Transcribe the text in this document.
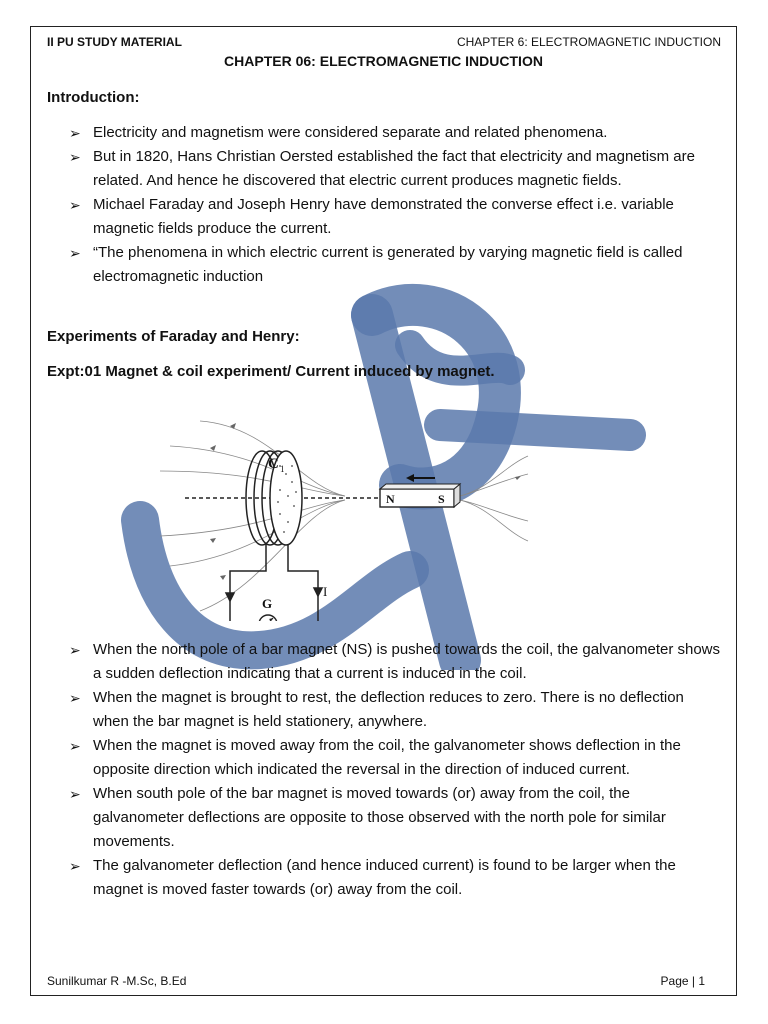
II PU STUDY MATERIAL	CHAPTER 6: ELECTROMAGNETIC INDUCTION
CHAPTER 06: ELECTROMAGNETIC INDUCTION
Introduction:
➢ Electricity and magnetism were considered separate and related phenomena.
➢ But in 1820, Hans Christian Oersted established the fact that electricity and magnetism are related. And hence he discovered that electric current produces magnetic fields.
➢ Michael Faraday and Joseph Henry have demonstrated the converse effect i.e. variable magnetic fields produce the current.
➢ “The phenomena in which electric current is generated by varying magnetic field is called electromagnetic induction
Experiments of Faraday and Henry:
Expt:01 Magnet & coil experiment/ Current induced by magnet.
C 1
N	S
G
I
➢ When the north pole of a bar magnet (NS) is pushed towards the coil, the galvanometer shows a sudden deflection indicating that a current is induced in the coil.
➢ When the magnet is brought to rest, the deflection reduces to zero. There is no deflection when the bar magnet is held stationery, anywhere.
➢ When the magnet is moved away from the coil, the galvanometer shows deflection in the opposite direction which indicated the reversal in the direction of induced current.
➢ When south pole of the bar magnet is moved towards (or) away from the coil, the galvanometer deflections are opposite to those observed with the north pole for similar movements.
➢ The galvanometer deflection (and hence induced current) is found to be larger when the magnet is moved faster towards (or) away from the coil.
Sunilkumar R -M.Sc, B.Ed	Page | 1
